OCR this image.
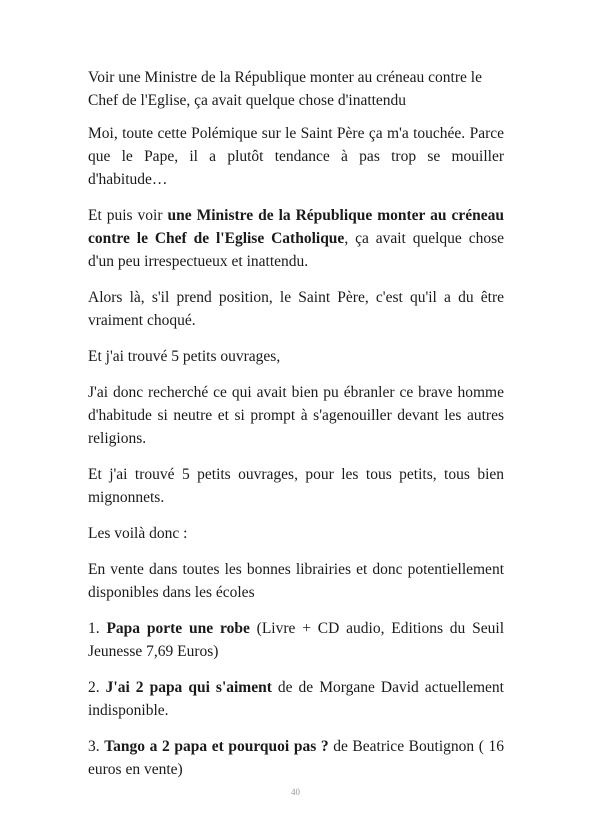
Voir une Ministre de la République monter au créneau contre le Chef de l'Eglise, ça avait quelque chose d'inattendu

Moi, toute cette Polémique sur le Saint Père ça m'a touchée. Parce que le Pape, il a plutôt tendance à pas trop se mouiller d'habitude…

Et puis voir une Ministre de la République monter au créneau contre le Chef de l'Eglise Catholique, ça avait quelque chose d'un peu irrespectueux et inattendu.

Alors là, s'il prend position, le Saint Père, c'est qu'il a du être vraiment choqué.

Et j'ai trouvé 5 petits ouvrages,

J'ai donc recherché ce qui avait bien pu ébranler ce brave homme d'habitude si neutre et si prompt à s'agenouiller devant les autres religions.

Et j'ai trouvé 5 petits ouvrages, pour les tous petits, tous bien mignonnets.

Les voilà donc :

En vente dans toutes les bonnes librairies et donc potentiellement disponibles dans les écoles

1. Papa porte une robe (Livre + CD audio, Editions du Seuil Jeunesse 7,69 Euros)

2. J'ai 2 papa qui s'aiment de de Morgane David actuellement indisponible.

3. Tango a 2 papa et pourquoi pas ? de Beatrice Boutignon ( 16 euros en vente)

40
